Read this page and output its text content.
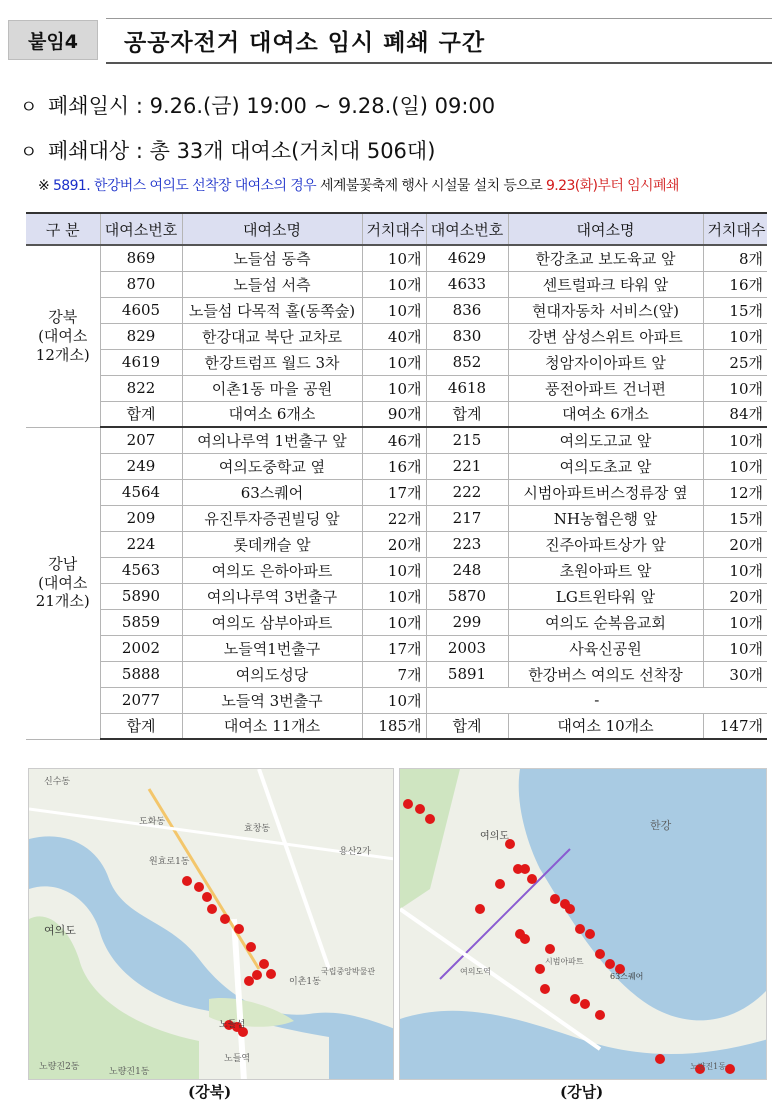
붙임4	공공자전거 대여소 임시 폐쇄 구간
ㅇ 폐쇄일시 : 9.26.(금) 19:00 ~ 9.28.(일) 09:00
ㅇ 폐쇄대상 : 총 33개 대여소(거치대 506대)
※ 5891. 한강버스 여의도 선착장 대여소의 경우 세계불꽃축제 행사 시설물 설치 등으로 9.23(화)부터 임시폐쇄
구 분	대여소번호	대여소명	거치대수	대여소번호	대여소명	거치대수

강북
(대여소
12개소)	869	노들섬 동측	10개	4629	한강초교 보도육교 앞	8개
	870	노들섬 서측	10개	4633	센트럴파크 타워 앞	16개
	4605	노들섬 다목적 홀(동쪽숲)	10개	836	현대자동차 서비스(앞)	15개
	829	한강대교 북단 교차로	40개	830	강변 삼성스위트 아파트	10개
	4619	한강트럼프 월드 3차	10개	852	청암자이아파트 앞	25개
	822	이촌1동 마을 공원	10개	4618	풍전아파트 건너편	10개
	합계	대여소 6개소	90개	합계	대여소 6개소	84개

강남
(대여소
21개소)	207	여의나루역 1번출구 앞	46개	215	여의도고교 앞	10개
	249	여의도중학교 옆	16개	221	여의도초교 앞	10개
	4564	63스퀘어	17개	222	시범아파트버스정류장 옆	12개
	209	유진투자증권빌딩 앞	22개	217	NH농협은행 앞	15개
	224	롯데캐슬 앞	20개	223	진주아파트상가 앞	20개
	4563	여의도 은하아파트	10개	248	초원아파트 앞	10개
	5890	여의나루역 3번출구	10개	5870	LG트윈타워 앞	20개
	5859	여의도 삼부아파트	10개	299	여의도 순복음교회	10개
	2002	노들역1번출구	17개	2003	사육신공원	10개
	5888	여의도성당	7개	5891	한강버스 여의도 선착장	30개
	2077	노들역 3번출구	10개	-		
	합계	대여소 11개소	185개	합계	대여소 10개소	147개
신수동
도화동
효창동
원효로1동
용산2가
여의도
노들섬
이촌1동
노량진1동
국립중앙박물관
노들역
노량진2동
여의도
한강
63스퀘어
시범아파트
여의도역
노량진1동
(강북)	(강남)
